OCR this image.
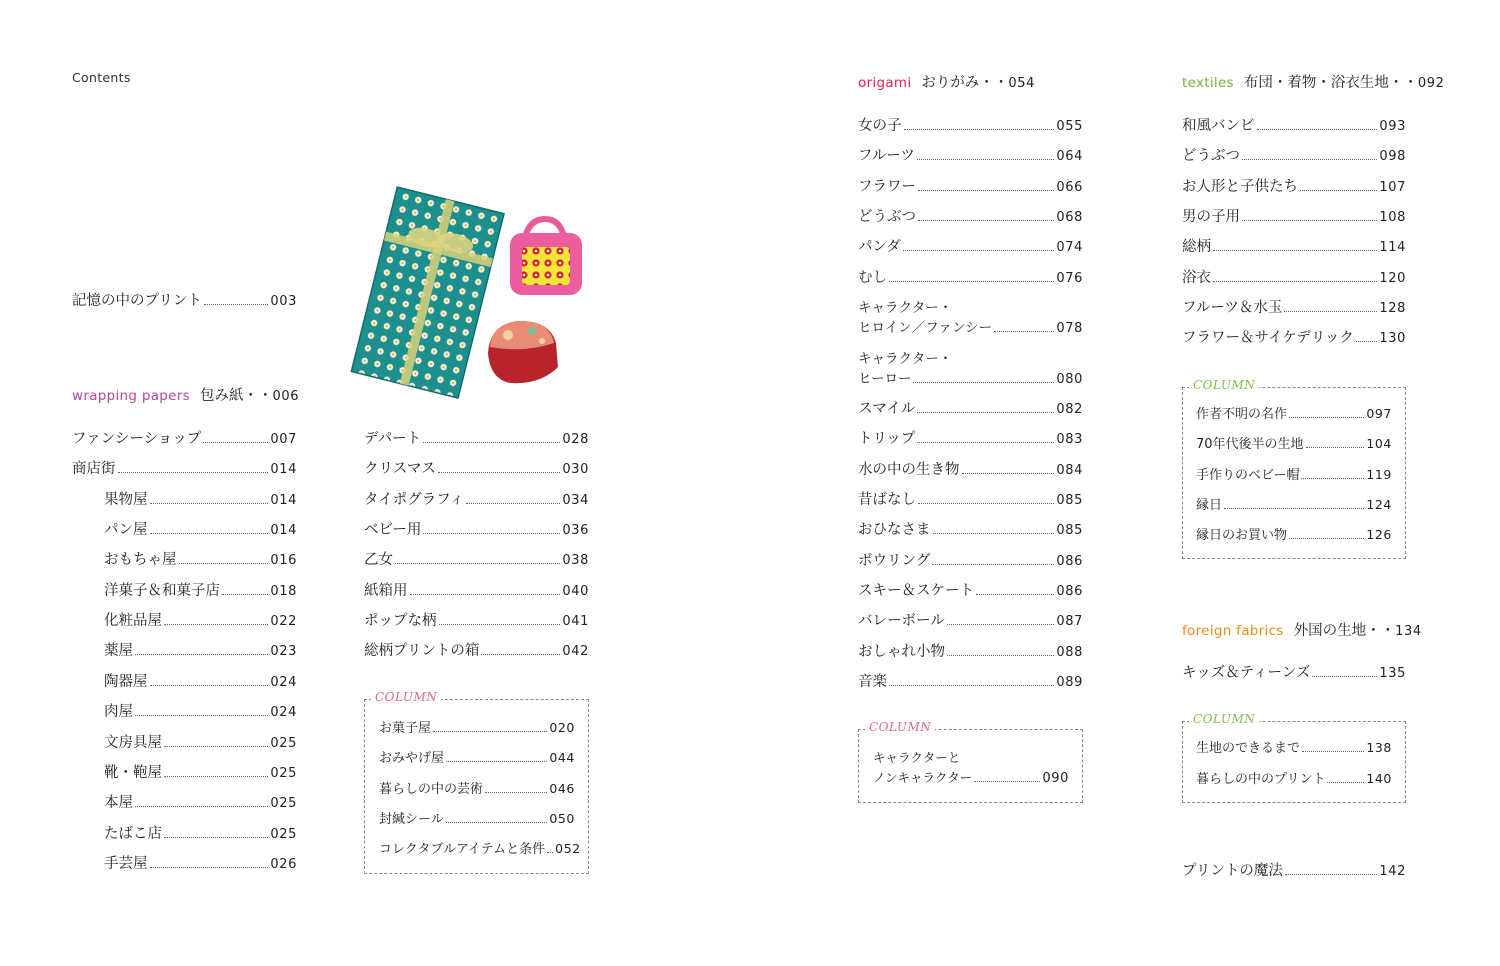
Contents
記憶の中のプリント	003
wrapping papers 包み紙 ・・ 006
ファンシーショップ	007
商店街	014
果物屋	014
パン屋	014
おもちゃ屋	016
洋菓子＆和菓子店	018
化粧品屋	022
薬屋	023
陶器屋	024
肉屋	024
文房具屋	025
靴・鞄屋	025
本屋	025
たばこ店	025
手芸屋	026
デパート	028
クリスマス	030
タイポグラフィ	034
ベビー用	036
乙女	038
紙箱用	040
ポップな柄	041
総柄プリントの箱	042
COLUMN
お菓子屋	020
おみやげ屋	044
暮らしの中の芸術	046
封緘シール	050
コレクタブルアイテムと条件 052
origami おりがみ ・・ 054
女の子	055
フルーツ	064
フラワー	066
どうぶつ	068
パンダ	074
むし	076
キャラクター・
ヒロイン／ファンシー	078
キャラクター・
ヒーロー	080
スマイル	082
トリップ	083
水の中の生き物	084
昔ばなし	085
おひなさま	085
ボウリング	086
スキー＆スケート	086
バレーボール	087
おしゃれ小物	088
音楽	089
COLUMN
キャラクターと
ノンキャラクター	090
textiles 布団・着物・浴衣生地 ・・ 092
和風バンビ	093
どうぶつ	098
お人形と子供たち	107
男の子用	108
総柄	114
浴衣	120
フルーツ＆水玉	128
フラワー＆サイケデリック 130
COLUMN
作者不明の名作	097
70年代後半の生地	104
手作りのベビー帽	119
縁日	124
縁日のお買い物	126
foreign fabrics 外国の生地 ・・ 134
キッズ＆ティーンズ	135
COLUMN
生地のできるまで	138
暮らしの中のプリント	140
プリントの魔法	142
